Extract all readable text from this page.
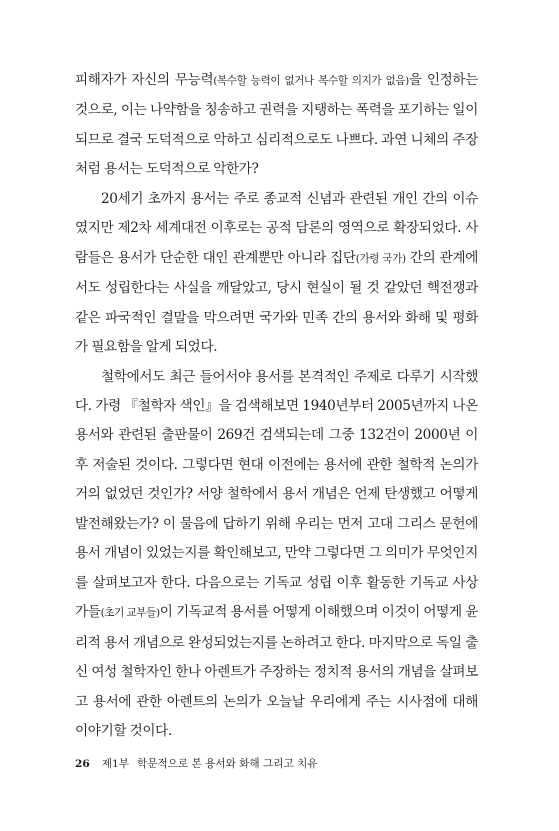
피해자가 자신의 무능력(복수할 능력이 없거나 복수할 의지가 없음)을 인정하는 것으로, 이는 나약함을 칭송하고 권력을 지탱하는 폭력을 포기하는 일이 되므로 결국 도덕적으로 악하고 심리적으로도 나쁘다. 과연 니체의 주장처럼 용서는 도덕적으로 악한가?

20세기 초까지 용서는 주로 종교적 신념과 관련된 개인 간의 이슈였지만 제2차 세계대전 이후로는 공적 담론의 영역으로 확장되었다. 사람들은 용서가 단순한 대인 관계뿐만 아니라 집단(가령 국가) 간의 관계에서도 성립한다는 사실을 깨달았고, 당시 현실이 될 것 같았던 핵전쟁과 같은 파국적인 결말을 막으려면 국가와 민족 간의 용서와 화해 및 평화가 필요함을 알게 되었다.

철학에서도 최근 들어서야 용서를 본격적인 주제로 다루기 시작했다. 가령 『철학자 색인』을 검색해보면 1940년부터 2005년까지 나온 용서와 관련된 출판물이 269건 검색되는데 그중 132건이 2000년 이후 저술된 것이다. 그렇다면 현대 이전에는 용서에 관한 철학적 논의가 거의 없었던 것인가? 서양 철학에서 용서 개념은 언제 탄생했고 어떻게 발전해왔는가? 이 물음에 답하기 위해 우리는 먼저 고대 그리스 문헌에 용서 개념이 있었는지를 확인해보고, 만약 그렇다면 그 의미가 무엇인지를 살펴보고자 한다. 다음으로는 기독교 성립 이후 활동한 기독교 사상가들(초기 교부들)이 기독교적 용서를 어떻게 이해했으며 이것이 어떻게 윤리적 용서 개념으로 완성되었는지를 논하려고 한다. 마지막으로 독일 출신 여성 철학자인 한나 아렌트가 주장하는 정치적 용서의 개념을 살펴보고 용서에 관한 아렌트의 논의가 오늘날 우리에게 주는 시사점에 대해 이야기할 것이다.

26 제1부 학문적으로 본 용서와 화해 그리고 치유
